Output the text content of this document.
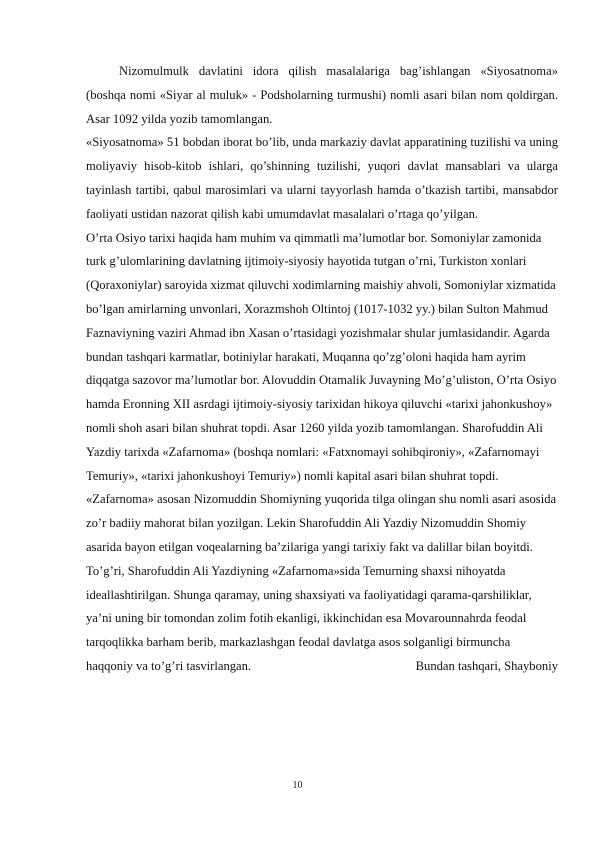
Nizomulmulk davlatini idora qilish masalalariga bag’ishlangan «Siyosatnoma» (boshqa nomi «Siyar al muluk» - Podsholarning turmushi) nomli asari bilan nom qoldirgan. Asar 1092 yilda yozib tamomlangan.

«Siyosatnoma» 51 bobdan iborat bo’lib, unda markaziy davlat apparatining tuzilishi va uning moliyaviy hisob-kitob ishlari, qo’shinning tuzilishi, yuqori davlat mansablari va ularga tayinlash tartibi, qabul marosimlari va ularni tayyorlash hamda o’tkazish tartibi, mansabdor faoliyati ustidan nazorat qilish kabi umumdavlat masalalari o’rtaga qo’yilgan.

O’rta Osiyo tarixi haqida ham muhim va qimmatli ma’lumotlar bor. Somoniylar zamonida turk g’ulomlarining davlatning ijtimoiy-siyosiy hayotida tutgan o’rni, Turkiston xonlari (Qoraxoniylar) saroyida xizmat qiluvchi xodimlarning maishiy ahvoli, Somoniylar xizmatida bo’lgan amirlarning unvonlari, Xorazmshoh Oltintoj (1017-1032 yy.) bilan Sulton Mahmud Faznaviyning vaziri Ahmad ibn Xasan o’rtasidagi yozishmalar shular jumlasidandir. Agarda bundan tashqari karmatlar, botiniylar harakati, Muqanna qo’zg’oloni haqida ham ayrim diqqatga sazovor ma’lumotlar bor. Alovuddin Otamalik Juvayning Mo’g’uliston, O’rta Osiyo hamda Eronning XII asrdagi ijtimoiy-siyosiy tarixidan hikoya qiluvchi «tarixi jahonkushoy» nomli shoh asari bilan shuhrat topdi. Asar 1260 yilda yozib tamomlangan. Sharofuddin Ali Yazdiy tarixda «Zafarnoma» (boshqa nomlari: «Fatxnomayi sohibqironiy», «Zafarnomayi Temuriy», «tarixi jahonkushoyi Temuriy») nomli kapital asari bilan shuhrat topdi. «Zafarnoma» asosan Nizomuddin Shomiyning yuqorida tilga olingan shu nomli asari asosida zo’r badiiy mahorat bilan yozilgan. Lekin Sharofuddin Ali Yazdiy Nizomuddin Shomiy asarida bayon etilgan voqealarning ba’zilariga yangi tarixiy fakt va dalillar bilan boyitdi. To’g’ri, Sharofuddin Ali Yazdiyning «Zafarnoma»sida Temurning shaxsi nihoyatda ideallashtirilgan. Shunga qaramay, uning shaxsiyati va faoliyatidagi qarama-qarshiliklar, ya’ni uning bir tomondan zolim fotih ekanligi, ikkinchidan esa Movarounnahrda feodal tarqoqlikka barham berib, markazlashgan feodal davlatga asos solganligi birmuncha haqqoniy va to’g’ri tasvirlangan.	Bundan tashqari, Shayboniy
10
